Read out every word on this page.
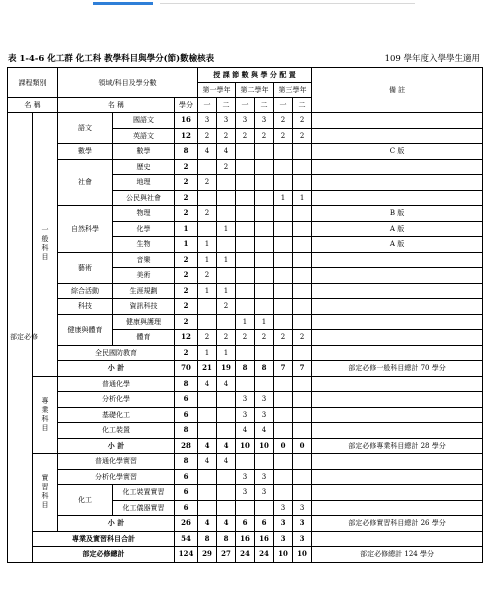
表 1-4-6 化工群 化工科 教學科目與學分(節)數檢核表	109 學年度入學學生適用
課程類別		領域/科目及學分數			授 課 節 數 與 學 分 配 置						備 註
					第一學年		第二學年		第三學年		
名 稱		名 稱		學分	一	二	一	二	一	二	
部定必修	一般科目	語文	國語文	16	3	3	3	3	2	2	
			英語文	12	2	2	2	2	2	2	
		數學	數學	8	4	4					C 版
		社會	歷史	2		2					
			地理	2	2						
			公民與社會	2					1	1	
		自然科學	物理	2	2						B 版
			化學	1		1					A 版
			生物	1	1						A 版
		藝術	音樂	2	1	1					
			美術	2	2						
		綜合活動	生涯規劃	2	1	1					
		科技	資訊科技	2		2					
		健康與體育	健康與護理	2			1	1			
			體育	12	2	2	2	2	2	2	
		全民國防教育		2	1	1					
		小 計		70	21	19	8	8	7	7	部定必修一般科目總計 70 學分
	專業科目	普通化學		8	4	4					
		分析化學		6			3	3			
		基礎化工		6			3	3			
		化工裝置		8			4	4			
		小 計		28	4	4	10	10	0	0	部定必修專業科目總計 28 學分
	實習科目	普通化學實習		8	4	4					
		分析化學實習		6			3	3			
		化工	化工裝置實習	6			3	3			
			化工儀器實習	6					3	3	
		小 計		26	4	4	6	6	3	3	部定必修實習科目總計 26 學分
	專業及實習科目合計			54	8	8	16	16	3	3	
	部定必修總計			124	29	27	24	24	10	10	部定必修總計 124 學分
